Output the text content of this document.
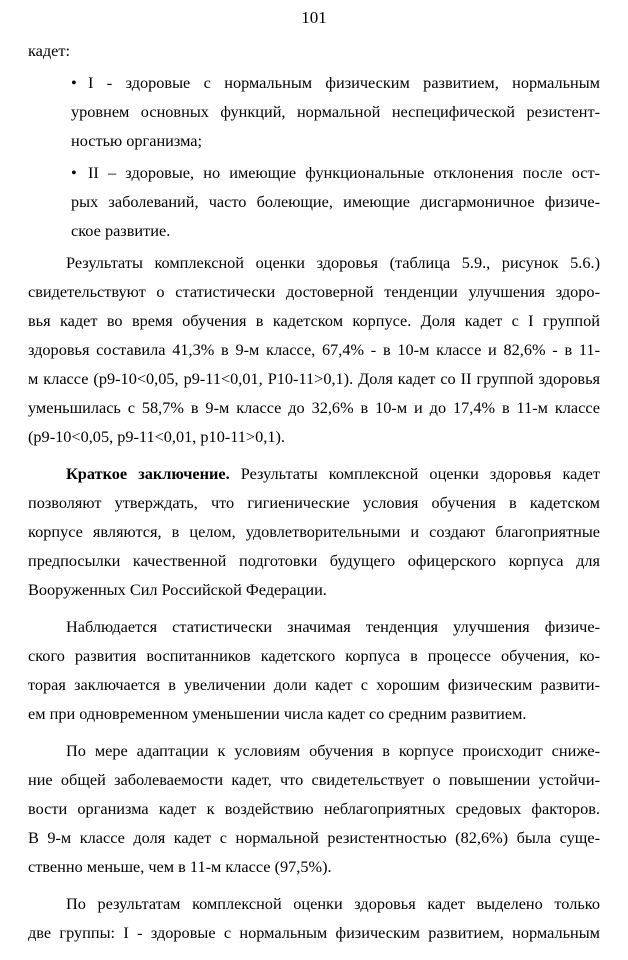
101
кадет:
• I - здоровые с нормальным физическим развитием, нормальным
уровнем основных функций, нормальной неспецифической резистент-
ностью организма;
• II – здоровые, но имеющие функциональные отклонения после ост-
рых заболеваний, часто болеющие, имеющие дисгармоничное физиче-
ское развитие.
Результаты комплексной оценки здоровья (таблица 5.9., рисунок 5.6.)
свидетельствуют о статистически достоверной тенденции улучшения здоро-
вья кадет во время обучения в кадетском корпусе. Доля кадет с I группой
здоровья составила 41,3% в 9-м классе, 67,4% - в 10-м классе и 82,6% - в 11-
м классе (p9-10<0,05, p9-11<0,01, P10-11>0,1). Доля кадет со II группой здоровья
уменьшилась с 58,7% в 9-м классе до 32,6% в 10-м и до 17,4% в 11-м классе
(p9-10<0,05, p9-11<0,01, p10-11>0,1).
Краткое заключение. Результаты комплексной оценки здоровья кадет
позволяют утверждать, что гигиенические условия обучения в кадетском
корпусе являются, в целом, удовлетворительными и создают благоприятные
предпосылки качественной подготовки будущего офицерского корпуса для
Вооруженных Сил Российской Федерации.
Наблюдается статистически значимая тенденция улучшения физиче-
ского развития воспитанников кадетского корпуса в процессе обучения, ко-
торая заключается в увеличении доли кадет с хорошим физическим развити-
ем при одновременном уменьшении числа кадет со средним развитием.
По мере адаптации к условиям обучения в корпусе происходит сниже-
ние общей заболеваемости кадет, что свидетельствует о повышении устойчи-
вости организма кадет к воздействию неблагоприятных средовых факторов.
В 9-м классе доля кадет с нормальной резистентностью (82,6%) была суще-
ственно меньше, чем в 11-м классе (97,5%).
По результатам комплексной оценки здоровья кадет выделено только
две группы: I - здоровые с нормальным физическим развитием, нормальным
